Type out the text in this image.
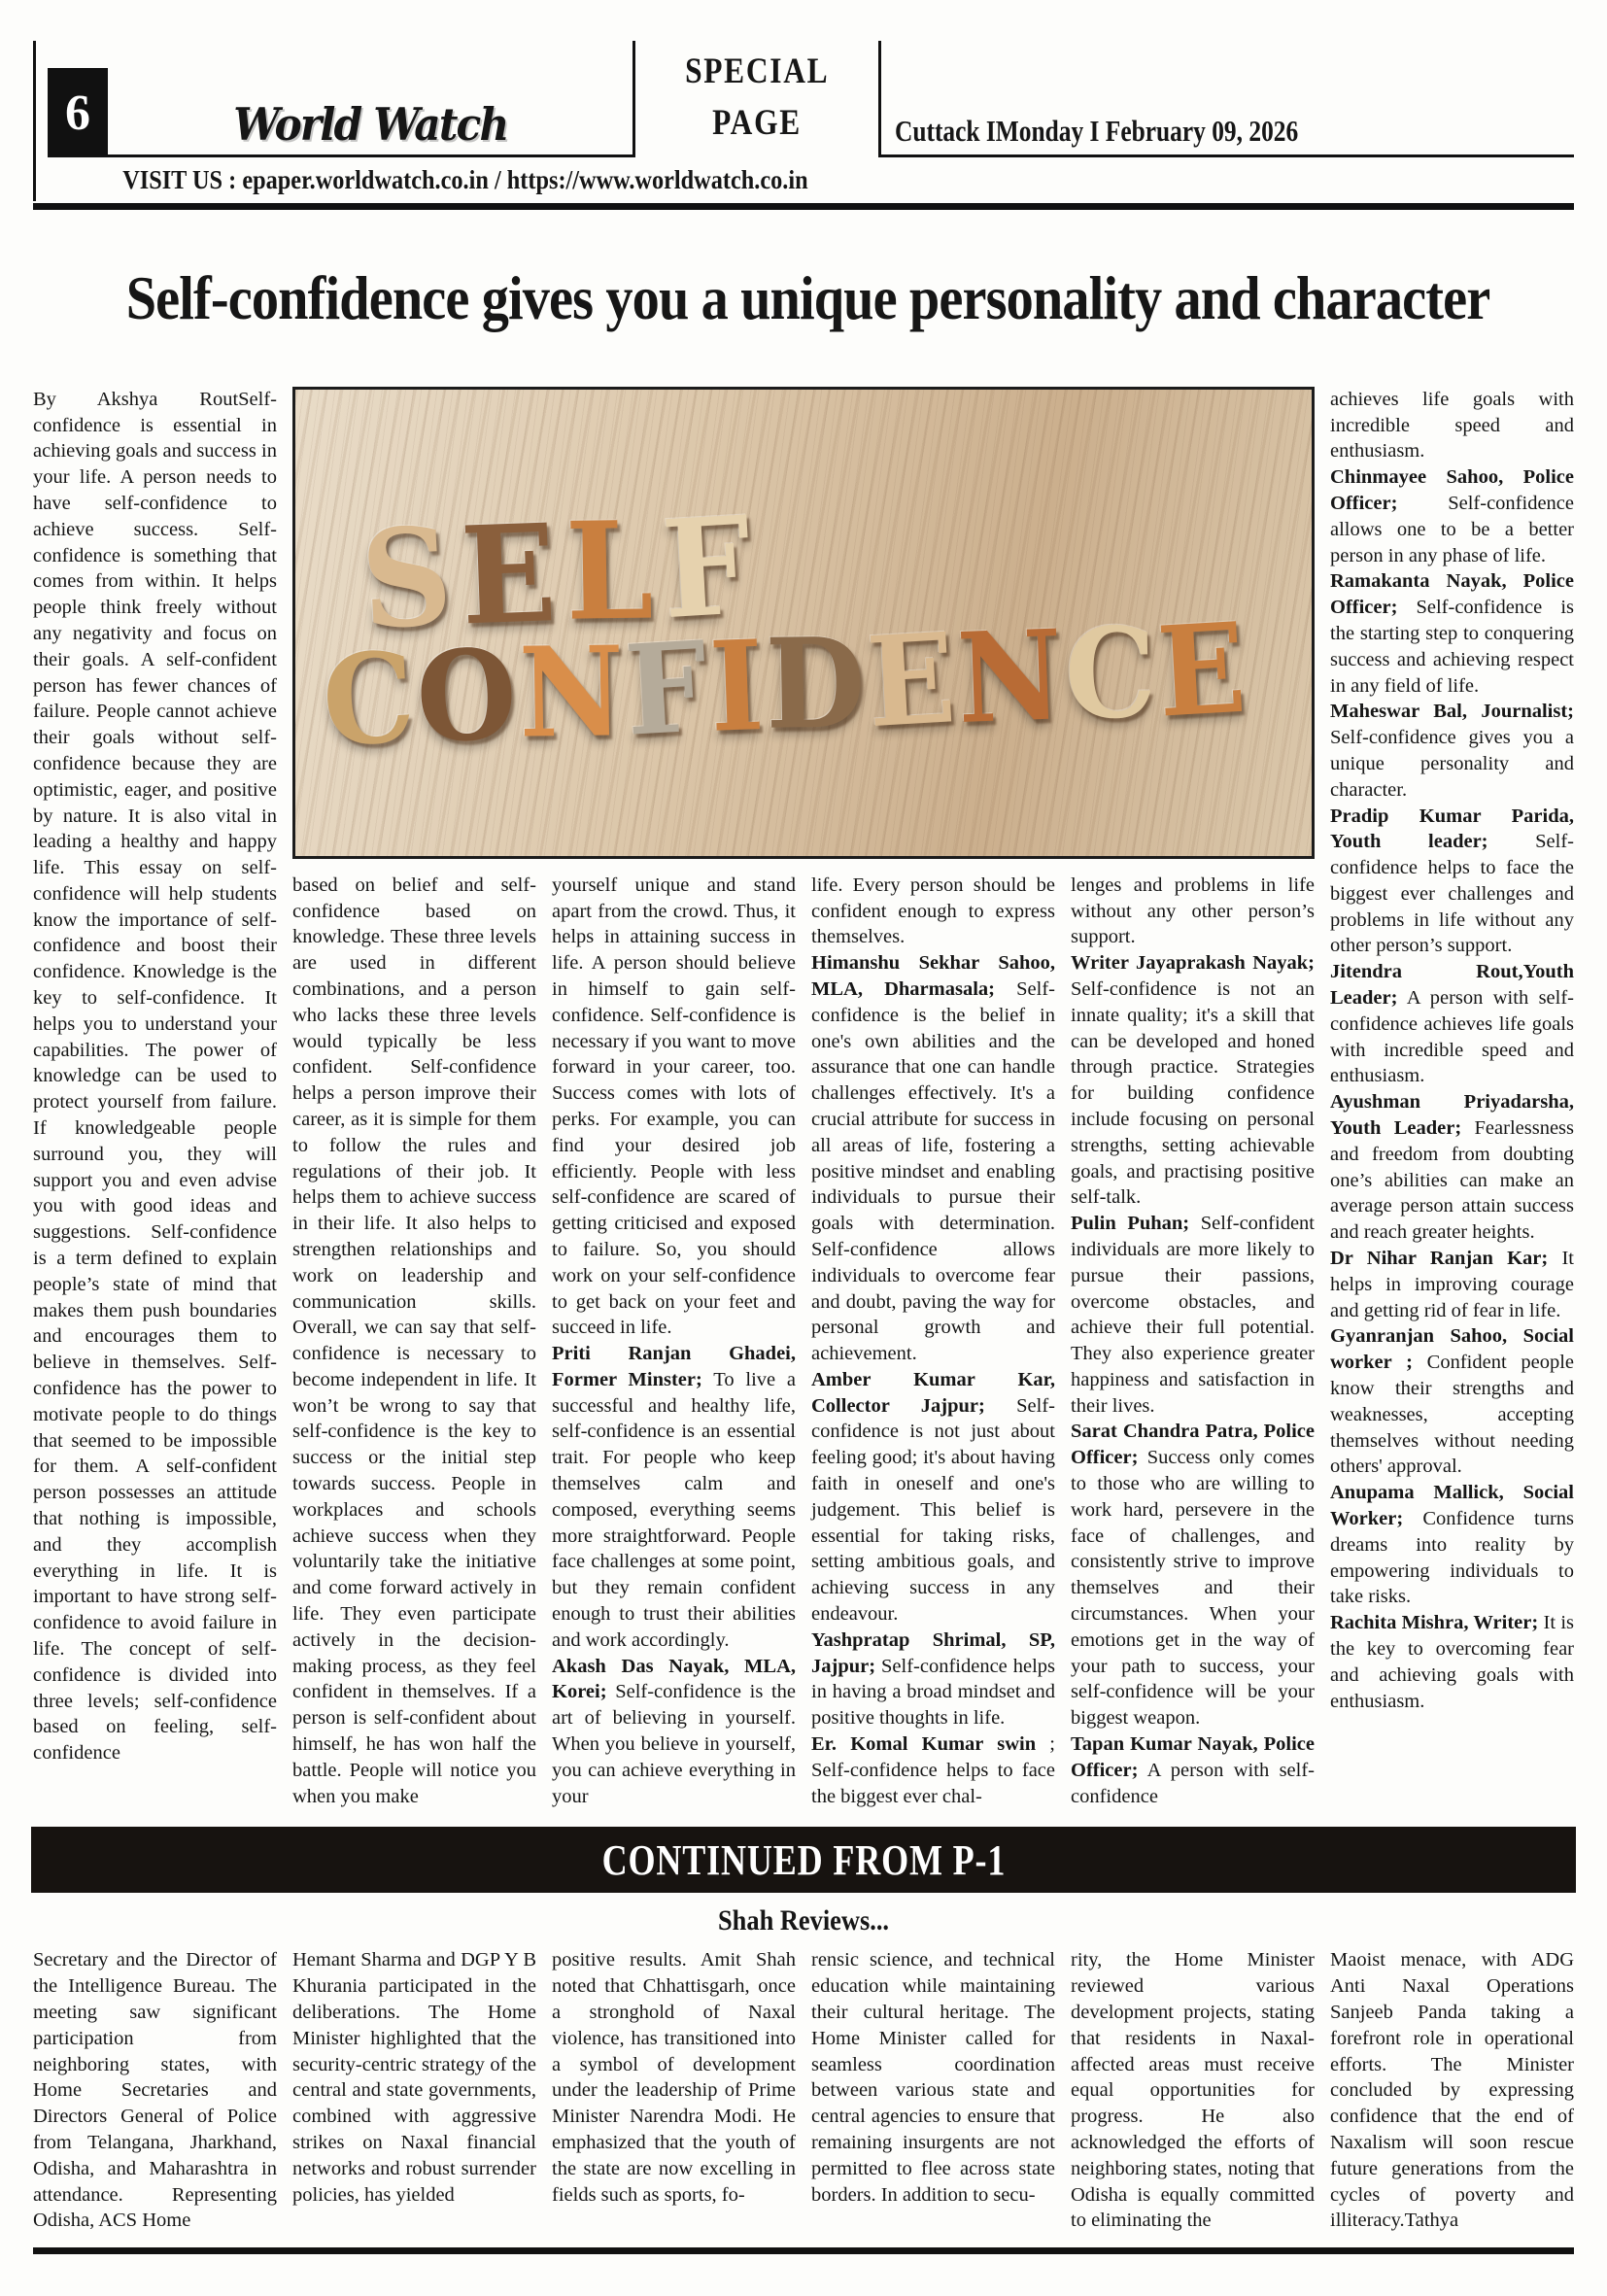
6	World Watch
SPECIAL
PAGE	Cuttack IMonday I February 09, 2026
VISIT US : epaper.worldwatch.co.in / https://www.worldwatch.co.in
Self-confidence gives you a unique personality and character

By Akshya RoutSelf-confidence is essential in achieving goals and success in your life. A person needs to have self-confidence to achieve success. Self-confidence is something that comes from within. It helps people think freely without any negativity and focus on their goals. A self-confident person has fewer chances of failure. People cannot achieve their goals without self-confidence because they are optimistic, eager, and positive by nature. It is also vital in leading a healthy and happy life. This essay on self-confidence will help students know the importance of self-confidence and boost their confidence. Knowledge is the key to self-confidence. It helps you to understand your capabilities. The power of knowledge can be used to protect yourself from failure. If knowledgeable people surround you, they will support you and even advise you with good ideas and suggestions. Self-confidence is a term defined to explain people’s state of mind that makes them push boundaries and encourages them to believe in themselves. Self-confidence has the power to motivate people to do things that seemed to be impossible for them. A self-confident person possesses an attitude that nothing is impossible, and they accomplish everything in life. It is important to have strong self-confidence to avoid failure in life. The concept of self-confidence is divided into three levels; self-confidence based on feeling, self-confidence

S E L F
C
O
N
F
I
D
E
N
C
E

based on belief and self-confidence based on knowledge. These three levels are used in different combinations, and a person who lacks these three levels would typically be less confident. Self-confidence helps a person improve their career, as it is simple for them to follow the rules and regulations of their job. It helps them to achieve success in their life. It also helps to strengthen relationships and work on leadership and communication skills. Overall, we can say that self-confidence is necessary to become independent in life. It won’t be wrong to say that self-confidence is the key to success or the initial step towards success. People in workplaces and schools achieve success when they voluntarily take the initiative and come forward actively in life. They even participate actively in the decision-making process, as they feel confident in themselves. If a person is self-confident about himself, he has won half the battle. People will notice you when you make

yourself unique and stand apart from the crowd. Thus, it helps in attaining success in life. A person should believe in himself to gain self-confidence. Self-confidence is necessary if you want to move forward in your career, too. Success comes with lots of perks. For example, you can find your desired job efficiently. People with less self-confidence are scared of getting criticised and exposed to failure. So, you should work on your self-confidence to get back on your feet and succeed in life.

Priti Ranjan Ghadei, Former Minster; To live a successful and healthy life, self-confidence is an essential trait. For people who keep themselves calm and composed, everything seems more straightforward. People face challenges at some point, but they remain confident enough to trust their abilities and work accordingly.

Akash Das Nayak, MLA, Korei; Self-confidence is the art of believing in yourself. When you believe in yourself, you can achieve everything in your

life. Every person should be confident enough to express themselves.

Himanshu Sekhar Sahoo, MLA, Dharmasala; Self-confidence is the belief in one's own abilities and the assurance that one can handle challenges effectively. It's a crucial attribute for success in all areas of life, fostering a positive mindset and enabling individuals to pursue their goals with determination. Self-confidence allows individuals to overcome fear and doubt, paving the way for personal growth and achievement.

Amber Kumar Kar, Collector Jajpur; Self-confidence is not just about feeling good; it's about having faith in oneself and one's judgement. This belief is essential for taking risks, setting ambitious goals, and achieving success in any endeavour.

Yashpratap Shrimal, SP, Jajpur; Self-confidence helps in having a broad mindset and positive thoughts in life.

Er. Komal Kumar swin ; Self-confidence helps to face the biggest ever chal-

lenges and problems in life without any other person’s support.

Writer Jayaprakash Nayak; Self-confidence is not an innate quality; it's a skill that can be developed and honed through practice. Strategies for building confidence include focusing on personal strengths, setting achievable goals, and practising positive self-talk.

Pulin Puhan; Self-confident individuals are more likely to pursue their passions, overcome obstacles, and achieve their full potential. They also experience greater happiness and satisfaction in their lives.

Sarat Chandra Patra, Police Officer; Success only comes to those who are willing to work hard, persevere in the face of challenges, and consistently strive to improve themselves and their circumstances. When your emotions get in the way of your path to success, your self-confidence will be your biggest weapon.

Tapan Kumar Nayak, Police Officer; A person with self-confidence

achieves life goals with incredible speed and enthusiasm.

Chinmayee Sahoo, Police Officer; Self-confidence allows one to be a better person in any phase of life.

Ramakanta Nayak, Police Officer; Self-confidence is the starting step to conquering success and achieving respect in any field of life.

Maheswar Bal, Journalist; Self-confidence gives you a unique personality and character.

Pradip Kumar Parida, Youth leader; Self-confidence helps to face the biggest ever challenges and problems in life without any other person’s support.

Jitendra Rout,Youth Leader; A person with self-confidence achieves life goals with incredible speed and enthusiasm.

Ayushman Priyadarsha, Youth Leader; Fearlessness and freedom from doubting one’s abilities can make an average person attain success and reach greater heights.

Dr Nihar Ranjan Kar; It helps in improving courage and getting rid of fear in life.

Gyanranjan Sahoo, Social worker ; Confident people know their strengths and weaknesses, accepting themselves without needing others' approval.

Anupama Mallick, Social Worker; Confidence turns dreams into reality by empowering individuals to take risks.

Rachita Mishra, Writer; It is the key to overcoming fear and achieving goals with enthusiasm.

CONTINUED FROM P-1
Shah Reviews...
Secretary and the Director of the Intelligence Bureau. The meeting saw significant participation from neighboring states, with Home Secretaries and Directors General of Police from Telangana, Jharkhand, Odisha, and Maharashtra in attendance. Representing Odisha, ACS Home
Hemant Sharma and DGP Y B Khurania participated in the deliberations. The Home Minister highlighted that the security-centric strategy of the central and state governments, combined with aggressive strikes on Naxal financial networks and robust surrender policies, has yielded
positive results. Amit Shah noted that Chhattisgarh, once a stronghold of Naxal violence, has transitioned into a symbol of development under the leadership of Prime Minister Narendra Modi. He emphasized that the youth of the state are now excelling in fields such as sports, fo-
rensic science, and technical education while maintaining their cultural heritage. The Home Minister called for seamless coordination between various state and central agencies to ensure that remaining insurgents are not permitted to flee across state borders. In addition to secu-
rity, the Home Minister reviewed various development projects, stating that residents in Naxal-affected areas must receive equal opportunities for progress. He also acknowledged the efforts of neighboring states, noting that Odisha is equally committed to eliminating the
Maoist menace, with ADG Anti Naxal Operations Sanjeeb Panda taking a forefront role in operational efforts. The Minister concluded by expressing confidence that the end of Naxalism will soon rescue future generations from the cycles of poverty and illiteracy.Tathya
